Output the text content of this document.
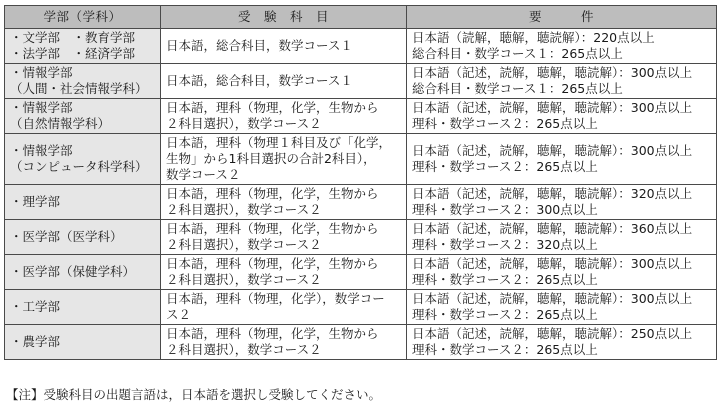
学部（学科）	受　験　科　目	要　　　件

・文学部　・教育学部
・法学部　・経済学部	日本語，総合科目，数学コース１	日本語（読解，聴解，聴読解）：220点以上
総合科目・数学コース１：265点以上

・情報学部
（人間・社会情報学科）	日本語，総合科目，数学コース１	日本語（記述，読解，聴解，聴読解）：300点以上
総合科目・数学コース１：265点以上

・情報学部
（自然情報学科）	日本語，理科（物理，化学，生物から
２科目選択），数学コース２	日本語（記述，読解，聴解，聴読解）：300点以上
理科・数学コース２：265点以上

・情報学部
（コンピュータ科学科）	日本語，理科（物理１科目及び「化学，
生物」から1科目選択の合計2科目），
数学コース２	日本語（記述，読解，聴解，聴読解）：300点以上
理科・数学コース２：265点以上

・理学部	日本語，理科（物理，化学，生物から
２科目選択），数学コース２	日本語（記述，読解，聴解，聴読解）：320点以上
理科・数学コース２：300点以上

・医学部（医学科）	日本語，理科（物理，化学，生物から
２科目選択），数学コース２	日本語（記述，読解，聴解，聴読解）：360点以上
理科・数学コース２：320点以上

・医学部（保健学科）	日本語，理科（物理，化学，生物から
２科目選択），数学コース２	日本語（記述，読解，聴解，聴読解）：300点以上
理科・数学コース２：265点以上

・工学部	日本語，理科（物理，化学），数学コー
ス２	日本語（記述，読解，聴解，聴読解）：300点以上
理科・数学コース２：265点以上

・農学部	日本語，理科（物理，化学，生物から
２科目選択），数学コース２	日本語（記述，読解，聴解，聴読解）：250点以上
理科・数学コース２：265点以上
【注】受験科目の出題言語は，日本語を選択し受験してください。
